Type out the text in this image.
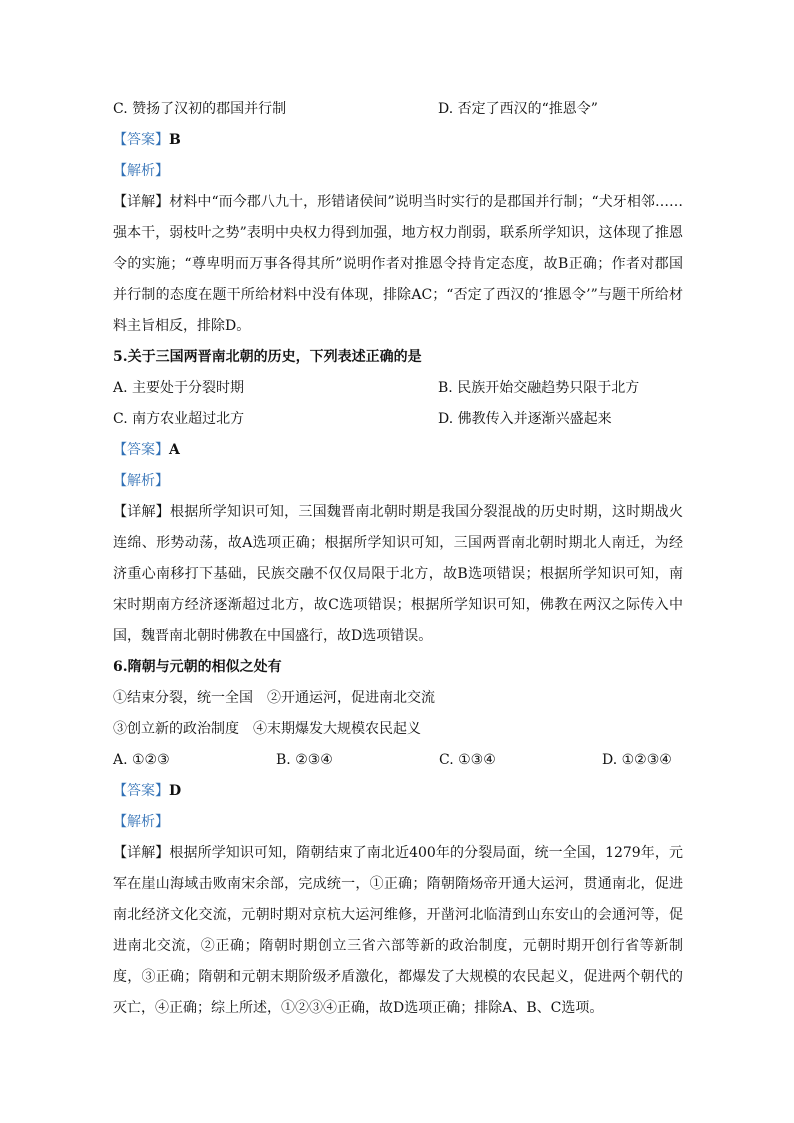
C. 赞扬了汉初的郡国并行制	D. 否定了西汉的“推恩令”
【答案】B
【解析】
【详解】材料中“而今郡八九十，形错诸侯间”说明当时实行的是郡国并行制；“犬牙相邻……强本干，弱枝叶之势”表明中央权力得到加强，地方权力削弱，联系所学知识，这体现了推恩令的实施；“尊卑明而万事各得其所”说明作者对推恩令持肯定态度，故B正确；作者对郡国并行制的态度在题干所给材料中没有体现，排除AC；“否定了西汉的‘推恩令’”与题干所给材料主旨相反，排除D。
5.关于三国两晋南北朝的历史，下列表述正确的是
A. 主要处于分裂时期	B. 民族开始交融趋势只限于北方
C. 南方农业超过北方	D. 佛教传入并逐渐兴盛起来
【答案】A
【解析】
【详解】根据所学知识可知，三国魏晋南北朝时期是我国分裂混战的历史时期，这时期战火连绵、形势动荡，故A选项正确；根据所学知识可知，三国两晋南北朝时期北人南迁，为经济重心南移打下基础，民族交融不仅仅局限于北方，故B选项错误；根据所学知识可知，南宋时期南方经济逐渐超过北方，故C选项错误；根据所学知识可知，佛教在两汉之际传入中国，魏晋南北朝时佛教在中国盛行，故D选项错误。
6.隋朝与元朝的相似之处有
①结束分裂，统一全国　②开通运河，促进南北交流
③创立新的政治制度　④末期爆发大规模农民起义
A. ①②③	B. ②③④	C. ①③④	D. ①②③④
【答案】D
【解析】
【详解】根据所学知识可知，隋朝结束了南北近400年的分裂局面，统一全国，1279年，元军在崖山海域击败南宋余部，完成统一，①正确；隋朝隋炀帝开通大运河，贯通南北，促进南北经济文化交流，元朝时期对京杭大运河维修，开凿河北临清到山东安山的会通河等，促进南北交流，②正确；隋朝时期创立三省六部等新的政治制度，元朝时期开创行省等新制度，③正确；隋朝和元朝末期阶级矛盾激化，都爆发了大规模的农民起义，促进两个朝代的灭亡，④正确；综上所述，①②③④正确，故D选项正确；排除A、B、C选项。
